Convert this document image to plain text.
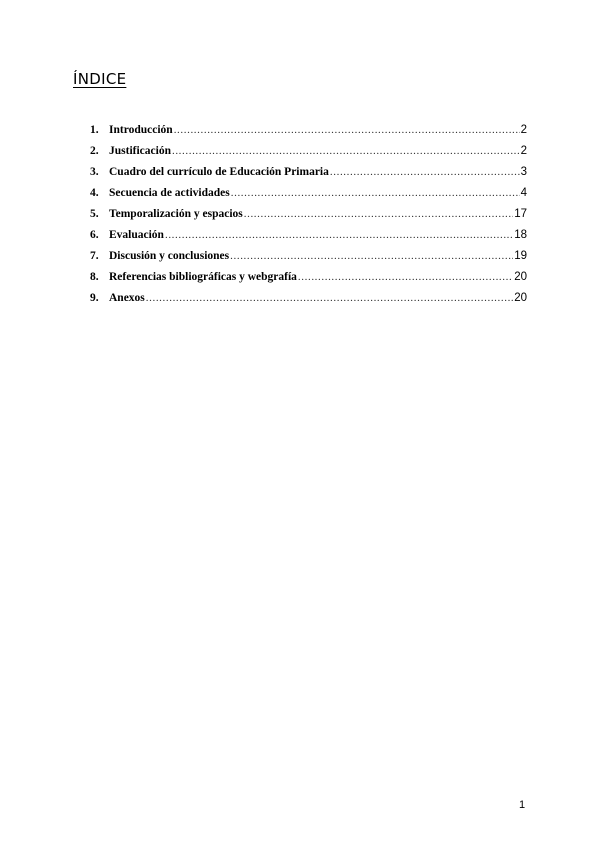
ÍNDICE
1. Introducción .....	2
2. Justificación .....	2
3. Cuadro del currículo de Educación Primaria .....	3
4. Secuencia de actividades .....	4
5. Temporalización y espacios .....	17
6. Evaluación .....	18
7. Discusión y conclusiones .....	19
8. Referencias bibliográficas y webgrafía .....	20
9. Anexos .....	20
1
